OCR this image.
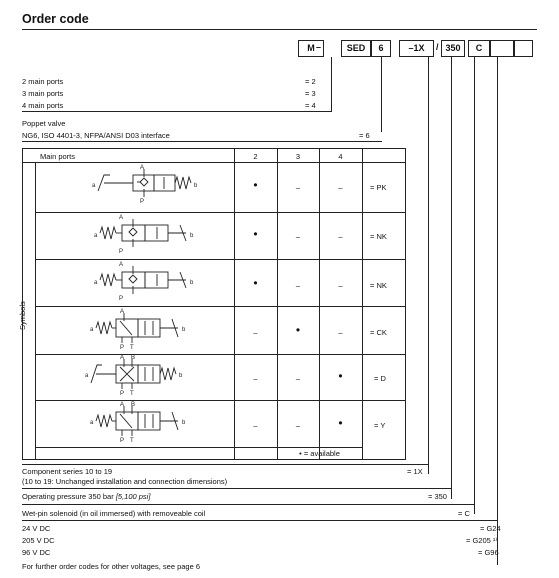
Order code
M –	SED	6	–1X	/ 350	C
2 main ports	= 2
3 main ports	= 3
4 main ports	= 4
Poppet valve
NG6, ISO 4401-3, NFPA/ANSI D03 interface	= 6
Main ports	2	3	4
Symbols
a	b
A
P
a	b
A
P
a	b
A
P
a	b
A
P T
a	b
A B
P T
a	b
A B
P T
•	–	–	= PK
•	–	–	= NK
•	–	–	= NK
–	•	–	= CK
–	–	•	= D
–	–	•	= Y
• = available
Component series 10 to 19
(10 to 19: Unchanged installation and connection dimensions)
= 1X
Operating pressure 350 bar [5,100 psi]	= 350
Wet-pin solenoid (in oil immersed) with removeable coil	= C
24 V DC	= G24
205 V DC	= G205 ¹⁾
96 V DC	= G96
For further order codes for other voltages, see page 6
